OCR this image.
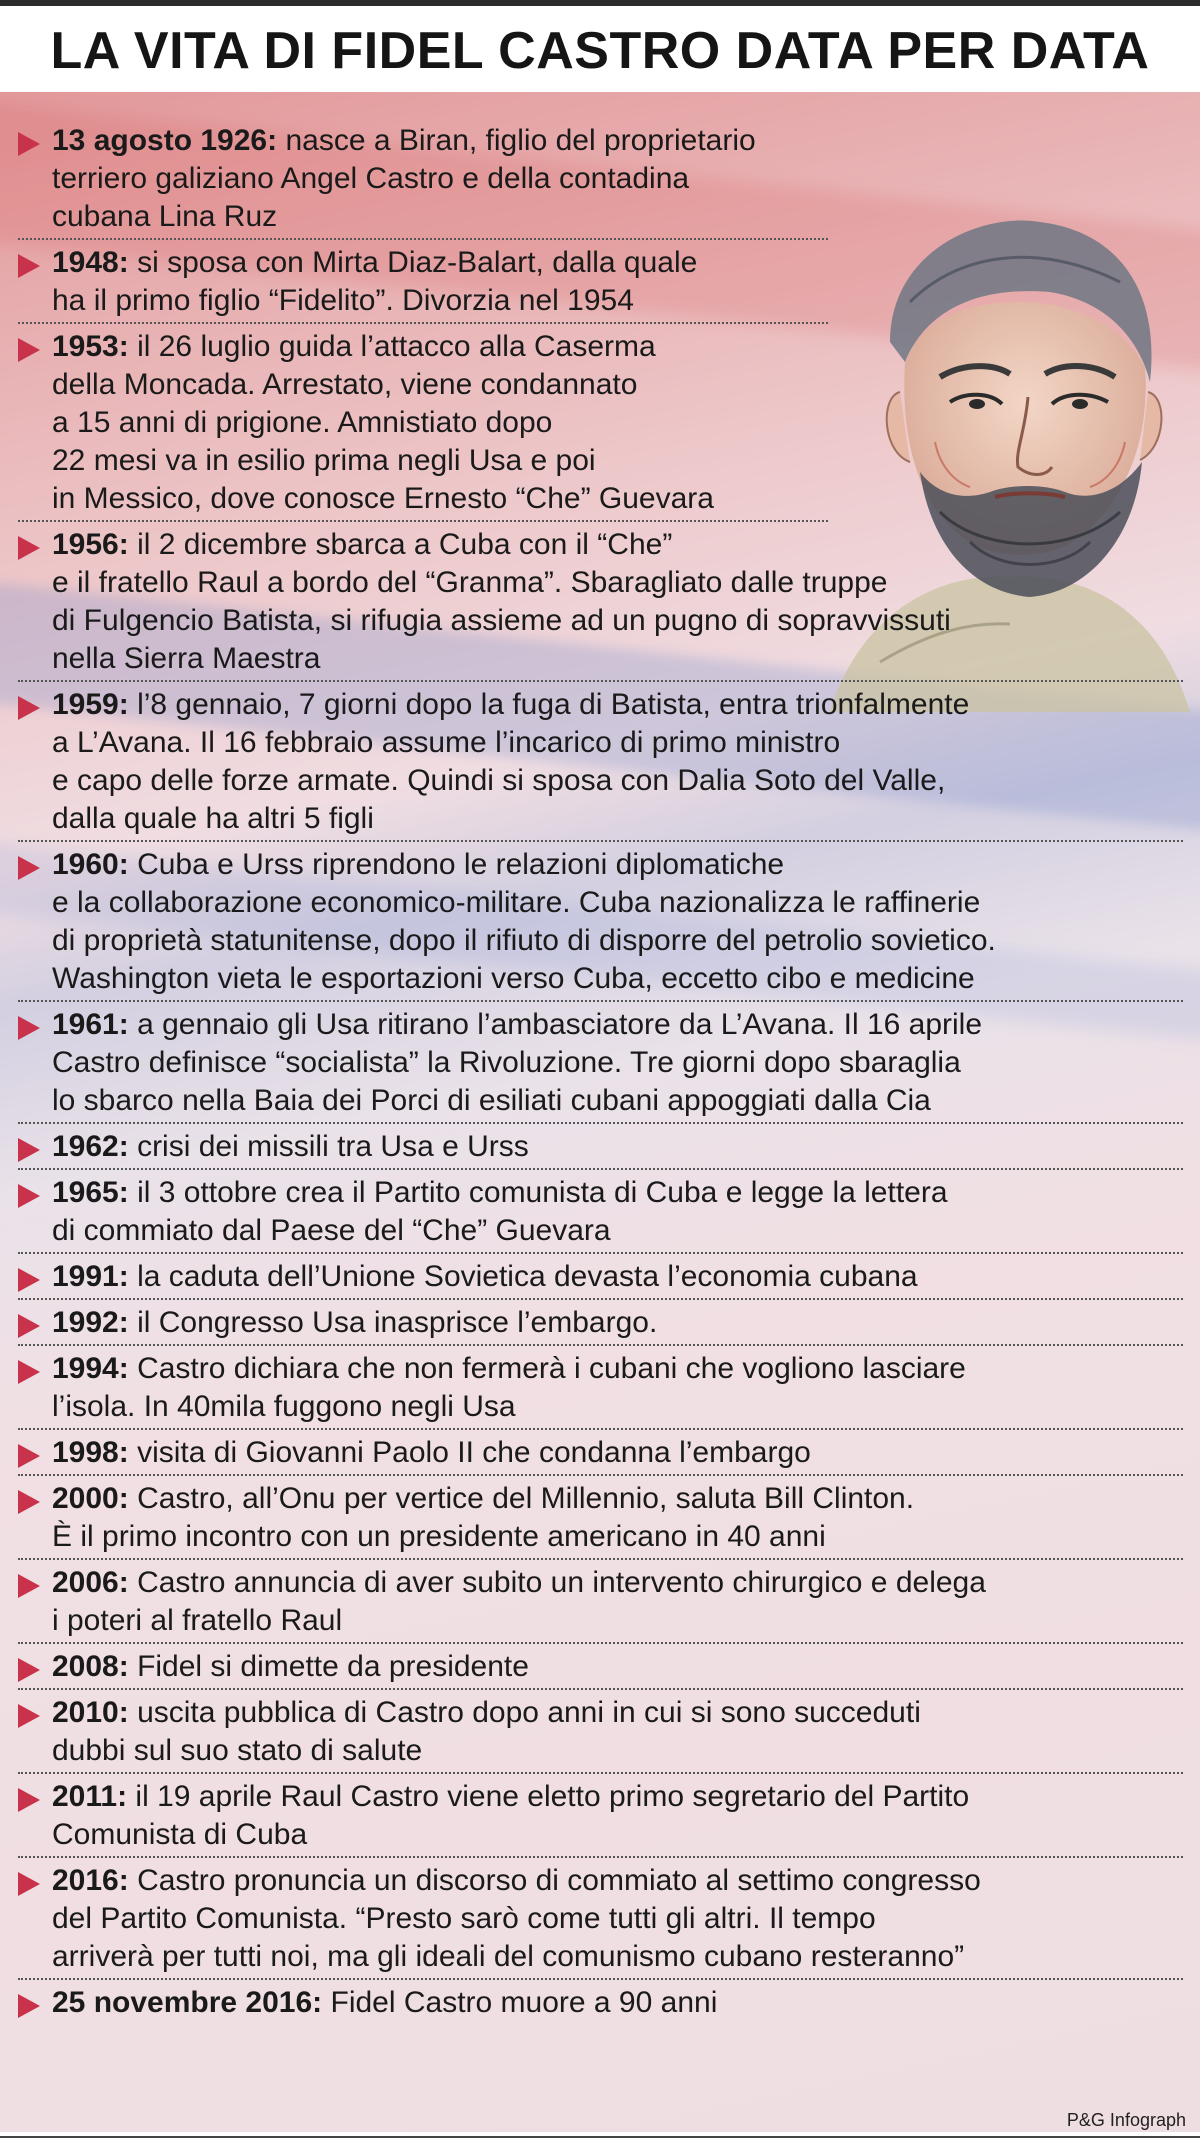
LA VITA DI FIDEL CASTRO DATA PER DATA
13 agosto 1926: nasce a Biran, figlio del proprietario
terriero galiziano Angel Castro e della contadina
cubana Lina Ruz
1948: si sposa con Mirta Diaz-Balart, dalla quale
ha il primo figlio “Fidelito”. Divorzia nel 1954
1953: il 26 luglio guida l’attacco alla Caserma
della Moncada. Arrestato, viene condannato
a 15 anni di prigione. Amnistiato dopo
22 mesi va in esilio prima negli Usa e poi
in Messico, dove conosce Ernesto “Che” Guevara
1956: il 2 dicembre sbarca a Cuba con il “Che”
e il fratello Raul a bordo del “Granma”. Sbaragliato dalle truppe
di Fulgencio Batista, si rifugia assieme ad un pugno di sopravvissuti
nella Sierra Maestra
1959: l’8 gennaio, 7 giorni dopo la fuga di Batista, entra trionfalmente
a L’Avana. Il 16 febbraio assume l’incarico di primo ministro
e capo delle forze armate. Quindi si sposa con Dalia Soto del Valle,
dalla quale ha altri 5 figli
1960: Cuba e Urss riprendono le relazioni diplomatiche
e la collaborazione economico-militare. Cuba nazionalizza le raffinerie
di proprietà statunitense, dopo il rifiuto di disporre del petrolio sovietico.
Washington vieta le esportazioni verso Cuba, eccetto cibo e medicine
1961: a gennaio gli Usa ritirano l’ambasciatore da L’Avana. Il 16 aprile
Castro definisce “socialista” la Rivoluzione. Tre giorni dopo sbaraglia
lo sbarco nella Baia dei Porci di esiliati cubani appoggiati dalla Cia
1962: crisi dei missili tra Usa e Urss
1965: il 3 ottobre crea il Partito comunista di Cuba e legge la lettera
di commiato dal Paese del “Che” Guevara
1991: la caduta dell’Unione Sovietica devasta l’economia cubana
1992: il Congresso Usa inasprisce l’embargo.
1994: Castro dichiara che non fermerà i cubani che vogliono lasciare
l’isola. In 40mila fuggono negli Usa
1998: visita di Giovanni Paolo II che condanna l’embargo
2000: Castro, all’Onu per vertice del Millennio, saluta Bill Clinton.
È il primo incontro con un presidente americano in 40 anni
2006: Castro annuncia di aver subito un intervento chirurgico e delega
i poteri al fratello Raul
2008: Fidel si dimette da presidente
2010: uscita pubblica di Castro dopo anni in cui si sono succeduti
dubbi sul suo stato di salute
2011: il 19 aprile Raul Castro viene eletto primo segretario del Partito
Comunista di Cuba
2016: Castro pronuncia un discorso di commiato al settimo congresso
del Partito Comunista. “Presto sarò come tutti gli altri. Il tempo
arriverà per tutti noi, ma gli ideali del comunismo cubano resteranno”
25 novembre 2016: Fidel Castro muore a 90 anni
P&G Infograph
